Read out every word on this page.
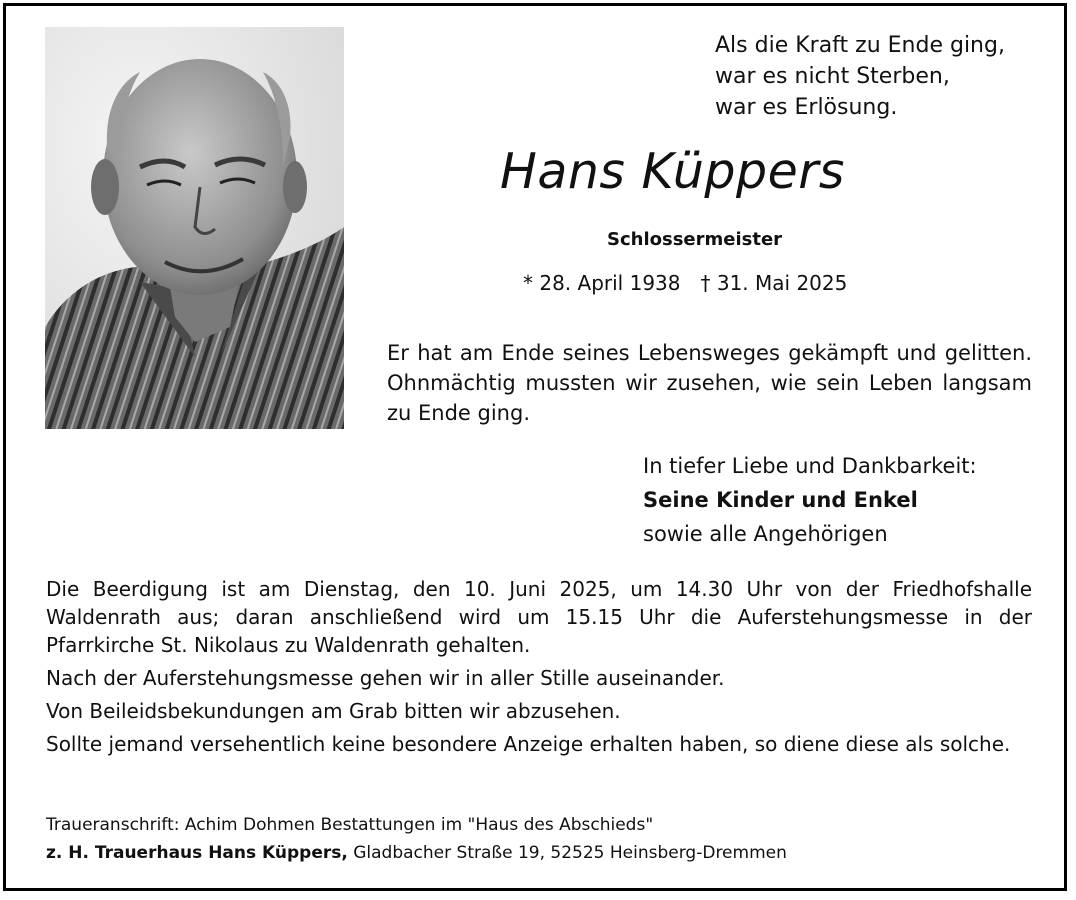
Als die Kraft zu Ende ging,
war es nicht Sterben,
war es Erlösung.
Hans Küppers
Schlossermeister
* 28. April 1938 † 31. Mai 2025

Er hat am Ende seines Lebensweges gekämpft und gelitten. Ohnmächtig mussten wir zusehen, wie sein Leben langsam zu Ende ging.

In tiefer Liebe und Dankbarkeit:
Seine Kinder und Enkel
sowie alle Angehörigen

Die Beerdigung ist am Dienstag, den 10. Juni 2025, um 14.30 Uhr von der Friedhofshalle Waldenrath aus; daran anschließend wird um 15.15 Uhr die Auferstehungsmesse in der Pfarrkirche St. Nikolaus zu Waldenrath gehalten.

Nach der Auferstehungsmesse gehen wir in aller Stille auseinander.

Von Beileidsbekundungen am Grab bitten wir abzusehen.

Sollte jemand versehentlich keine besondere Anzeige erhalten haben, so diene diese als solche.

Traueranschrift: Achim Dohmen Bestattungen im "Haus des Abschieds"
z. H. Trauerhaus Hans Küppers, Gladbacher Straße 19, 52525 Heinsberg-Dremmen
